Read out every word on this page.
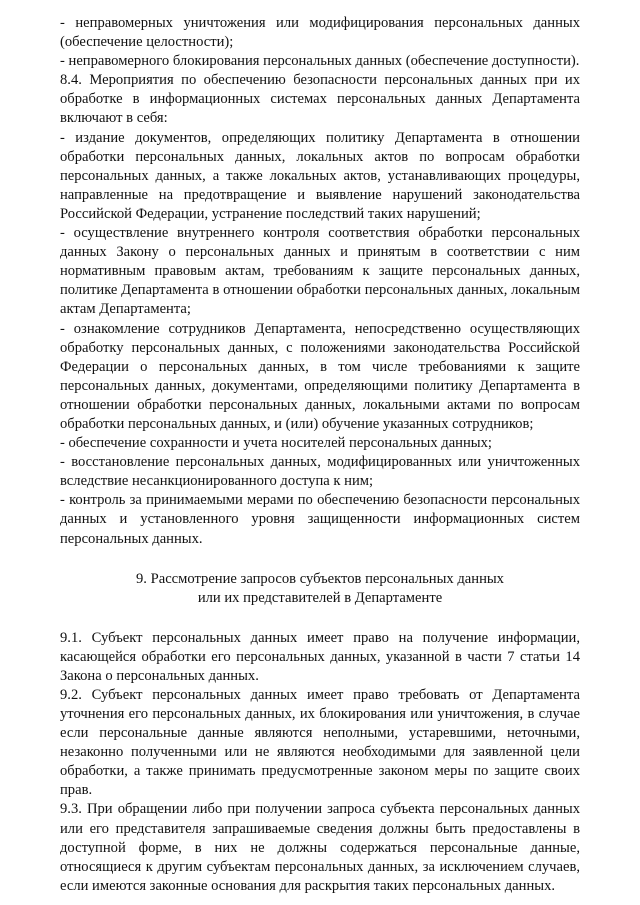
- неправомерных уничтожения или модифицирования персональных данных (обеспечение целостности);

- неправомерного блокирования персональных данных (обеспечение доступности).

8.4. Мероприятия по обеспечению безопасности персональных данных при их обработке в информационных системах персональных данных Департамента включают в себя:

- издание документов, определяющих политику Департамента в отношении обработки персональных данных, локальных актов по вопросам обработки персональных данных, а также локальных актов, устанавливающих процедуры, направленные на предотвращение и выявление нарушений законодательства Российской Федерации, устранение последствий таких нарушений;

- осуществление внутреннего контроля соответствия обработки персональных данных Закону о персональных данных и принятым в соответствии с ним нормативным правовым актам, требованиям к защите персональных данных, политике Департамента в отношении обработки персональных данных, локальным актам Департамента;

- ознакомление сотрудников Департамента, непосредственно осуществляющих обработку персональных данных, с положениями законодательства Российской Федерации о персональных данных, в том числе требованиями к защите персональных данных, документами, определяющими политику Департамента в отношении обработки персональных данных, локальными актами по вопросам обработки персональных данных, и (или) обучение указанных сотрудников;

- обеспечение сохранности и учета носителей персональных данных;

- восстановление персональных данных, модифицированных или уничтоженных вследствие несанкционированного доступа к ним;

- контроль за принимаемыми мерами по обеспечению безопасности персональных данных и установленного уровня защищенности информационных систем персональных данных.

9. Рассмотрение запросов субъектов персональных данных

или их представителей в Департаменте

9.1. Субъект персональных данных имеет право на получение информации, касающейся обработки его персональных данных, указанной в части 7 статьи 14 Закона о персональных данных.

9.2. Субъект персональных данных имеет право требовать от Департамента уточнения его персональных данных, их блокирования или уничтожения, в случае если персональные данные являются неполными, устаревшими, неточными, незаконно полученными или не являются необходимыми для заявленной цели обработки, а также принимать предусмотренные законом меры по защите своих прав.

9.3. При обращении либо при получении запроса субъекта персональных данных или его представителя запрашиваемые сведения должны быть предоставлены в доступной форме, в них не должны содержаться персональные данные, относящиеся к другим субъектам персональных данных, за исключением случаев, если имеются законные основания для раскрытия таких персональных данных.
